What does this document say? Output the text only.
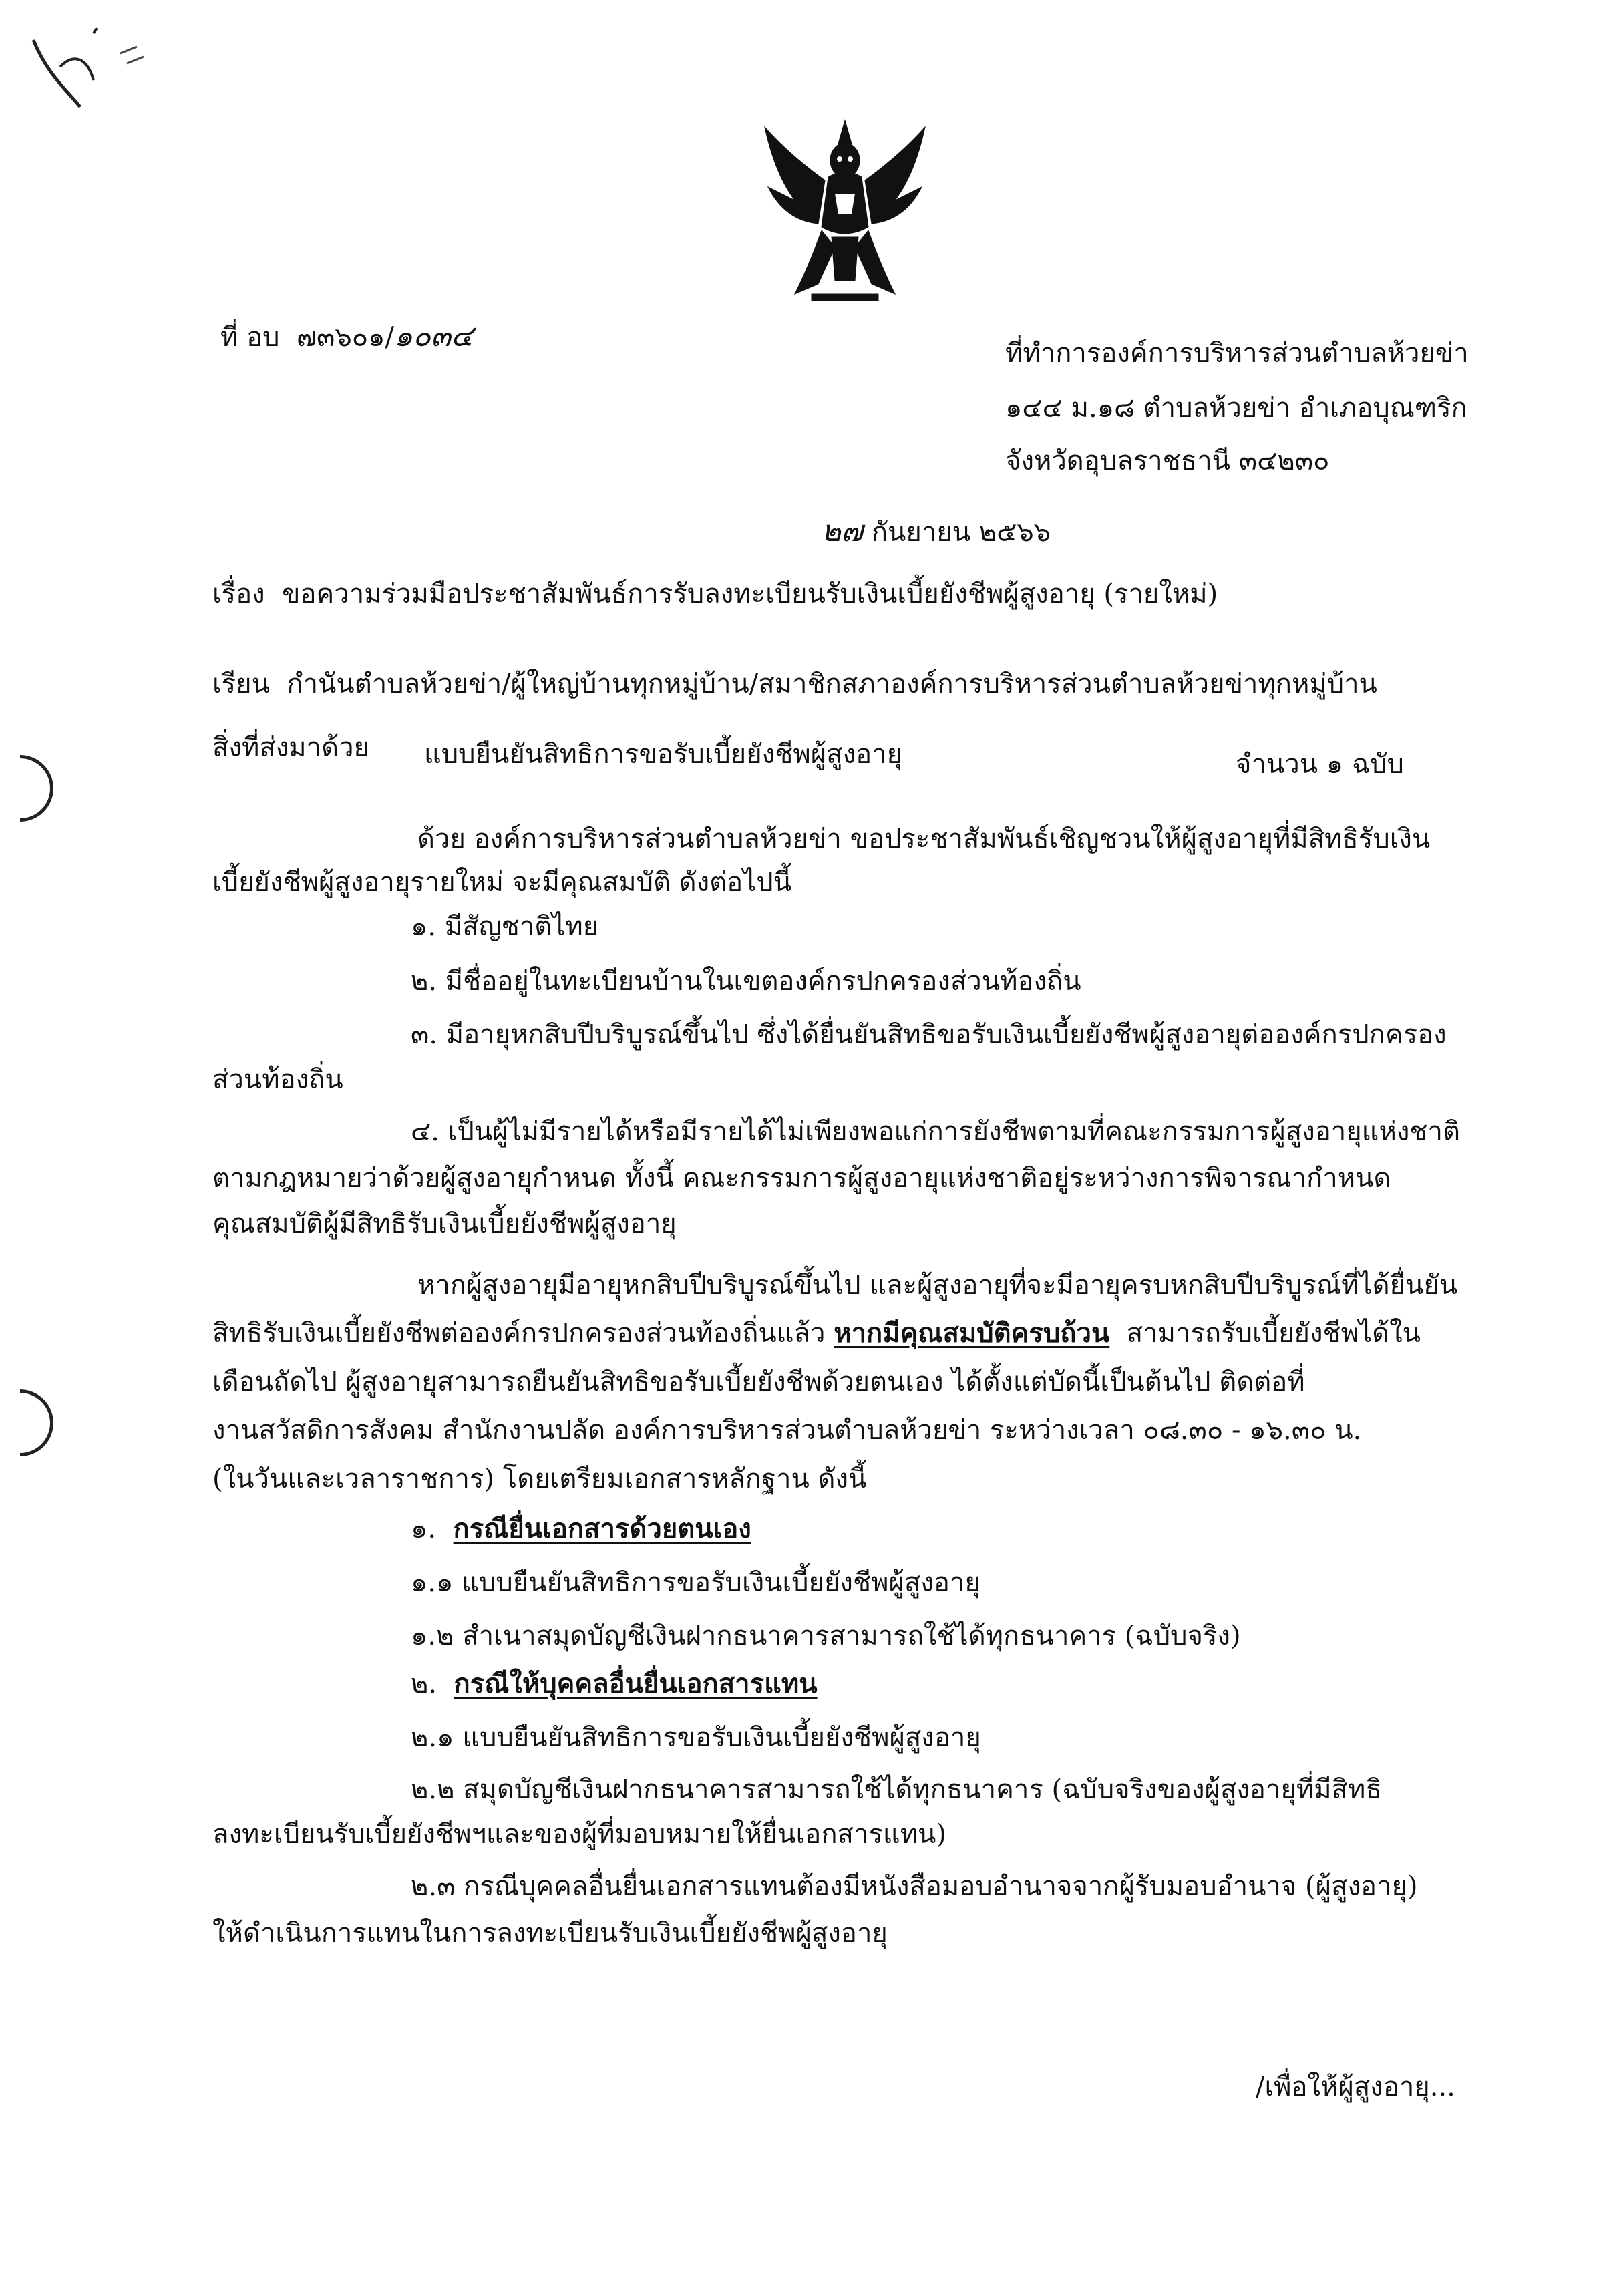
ที่ อบ ๗๓๖๐๑/๑๐๓๔	ที่ทำการองค์การบริหารส่วนตำบลห้วยข่า
๑๔๔ ม.๑๘ ตำบลห้วยข่า อำเภอบุณฑริก
จังหวัดอุบลราชธานี ๓๔๒๓๐
๒๗ กันยายน ๒๕๖๖
เรื่อง ขอความร่วมมือประชาสัมพันธ์การรับลงทะเบียนรับเงินเบี้ยยังชีพผู้สูงอายุ (รายใหม่)
เรียน กำนันตำบลห้วยข่า/ผู้ใหญ่บ้านทุกหมู่บ้าน/สมาชิกสภาองค์การบริหารส่วนตำบลห้วยข่าทุกหมู่บ้าน
สิ่งที่ส่งมาด้วย แบบยืนยันสิทธิการขอรับเบี้ยยังชีพผู้สูงอายุ	จำนวน ๑ ฉบับ
ด้วย องค์การบริหารส่วนตำบลห้วยข่า ขอประชาสัมพันธ์เชิญชวนให้ผู้สูงอายุที่มีสิทธิรับเงิน
เบี้ยยังชีพผู้สูงอายุรายใหม่ จะมีคุณสมบัติ ดังต่อไปนี้
๑. มีสัญชาติไทย
๒. มีชื่ออยู่ในทะเบียนบ้านในเขตองค์กรปกครองส่วนท้องถิ่น
๓. มีอายุหกสิบปีบริบูรณ์ขึ้นไป ซึ่งได้ยื่นยันสิทธิขอรับเงินเบี้ยยังชีพผู้สูงอายุต่อองค์กรปกครอง
ส่วนท้องถิ่น
๔. เป็นผู้ไม่มีรายได้หรือมีรายได้ไม่เพียงพอแก่การยังชีพตามที่คณะกรรมการผู้สูงอายุแห่งชาติ
ตามกฎหมายว่าด้วยผู้สูงอายุกำหนด ทั้งนี้ คณะกรรมการผู้สูงอายุแห่งชาติอยู่ระหว่างการพิจารณากำหนด
คุณสมบัติผู้มีสิทธิรับเงินเบี้ยยังชีพผู้สูงอายุ
หากผู้สูงอายุมีอายุหกสิบปีบริบูรณ์ขึ้นไป และผู้สูงอายุที่จะมีอายุครบหกสิบปีบริบูรณ์ที่ได้ยื่นยัน
สิทธิรับเงินเบี้ยยังชีพต่อองค์กรปกครองส่วนท้องถิ่นแล้ว หากมีคุณสมบัติครบถ้วน สามารถรับเบี้ยยังชีพได้ใน
เดือนถัดไป ผู้สูงอายุสามารถยืนยันสิทธิขอรับเบี้ยยังชีพด้วยตนเอง ได้ตั้งแต่บัดนี้เป็นต้นไป ติดต่อที่
งานสวัสดิการสังคม สำนักงานปลัด องค์การบริหารส่วนตำบลห้วยข่า ระหว่างเวลา ๐๘.๓๐ - ๑๖.๓๐ น.
(ในวันและเวลาราชการ) โดยเตรียมเอกสารหลักฐาน ดังนี้
๑. กรณียื่นเอกสารด้วยตนเอง
๑.๑ แบบยืนยันสิทธิการขอรับเงินเบี้ยยังชีพผู้สูงอายุ
๑.๒ สำเนาสมุดบัญชีเงินฝากธนาคารสามารถใช้ได้ทุกธนาคาร (ฉบับจริง)
๒. กรณีให้บุคคลอื่นยื่นเอกสารแทน
๒.๑ แบบยืนยันสิทธิการขอรับเงินเบี้ยยังชีพผู้สูงอายุ
๒.๒ สมุดบัญชีเงินฝากธนาคารสามารถใช้ได้ทุกธนาคาร (ฉบับจริงของผู้สูงอายุที่มีสิทธิ
ลงทะเบียนรับเบี้ยยังชีพฯและของผู้ที่มอบหมายให้ยื่นเอกสารแทน)
๒.๓ กรณีบุคคลอื่นยื่นเอกสารแทนต้องมีหนังสือมอบอำนาจจากผู้รับมอบอำนาจ (ผู้สูงอายุ)
ให้ดำเนินการแทนในการลงทะเบียนรับเงินเบี้ยยังชีพผู้สูงอายุ
/เพื่อให้ผู้สูงอายุ...
